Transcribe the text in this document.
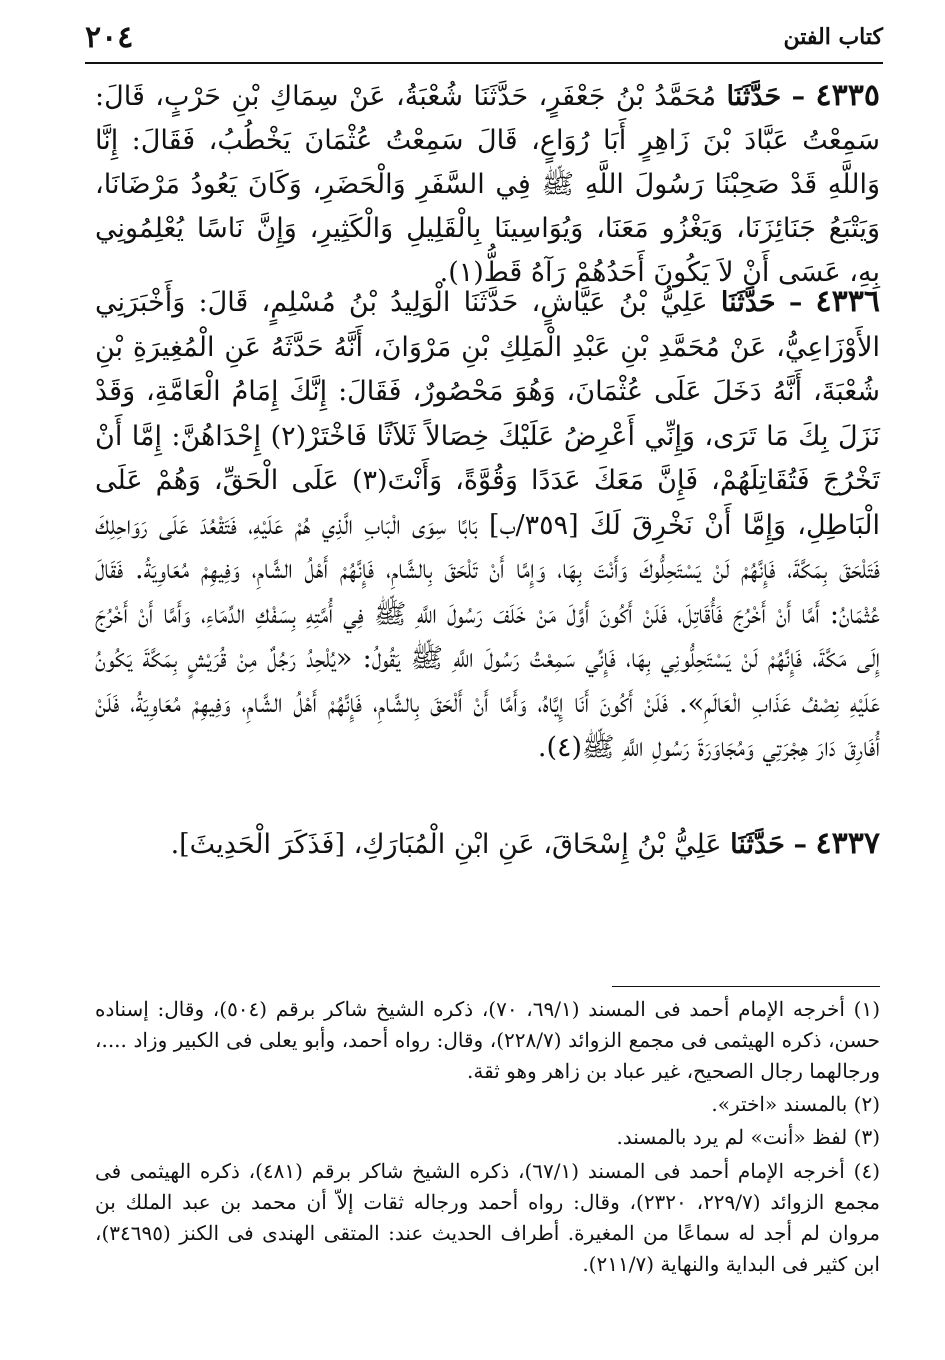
كتاب الفتن
٢٠٤

٤٣٣٥ – حَدَّثَنَا مُحَمَّدُ بْنُ جَعْفَرٍ، حَدَّثَنَا شُعْبَةُ، عَنْ سِمَاكِ بْنِ حَرْبٍ، قَالَ: سَمِعْتُ عَبَّادَ بْنَ زَاهِرٍ أَبَا رُوَاعٍ، قَالَ سَمِعْتُ عُثْمَانَ يَخْطُبُ، فَقَالَ: إِنَّا وَاللَّهِ قَدْ صَحِبْنَا رَسُولَ اللَّهِ ﷺ فِي السَّفَرِ وَالْحَضَرِ، وَكَانَ يَعُودُ مَرْضَانَا، وَيَتْبَعُ جَنَائِزَنَا، وَيَغْزُو مَعَنَا، وَيُوَاسِينَا بِالْقَلِيلِ وَالْكَثِيرِ، وَإِنَّ نَاسًا يُعْلِمُونِي بِهِ، عَسَى أَنْ لاَ يَكُونَ أَحَدُهُمْ رَآهُ قَطُّ(١).

٤٣٣٦ – حَدَّثَنَا عَلِيُّ بْنُ عَيَّاشٍ، حَدَّثَنَا الْوَلِيدُ بْنُ مُسْلِمٍ، قَالَ: وَأَخْبَرَنِي الأَوْزَاعِيُّ، عَنْ مُحَمَّدِ بْنِ عَبْدِ الْمَلِكِ بْنِ مَرْوَانَ، أَنَّهُ حَدَّثَهُ عَنِ الْمُغِيرَةِ بْنِ شُعْبَةَ، أَنَّهُ دَخَلَ عَلَى عُثْمَانَ، وَهُوَ مَحْصُورٌ، فَقَالَ: إِنَّكَ إِمَامُ الْعَامَّةِ، وَقَدْ نَزَلَ بِكَ مَا تَرَى، وَإِنِّي أَعْرِضُ عَلَيْكَ خِصَالاً ثَلاَثًا فَاخْتَرْ(٢) إِحْدَاهُنَّ: إِمَّا أَنْ تَخْرُجَ فَتُقَاتِلَهُمْ، فَإِنَّ مَعَكَ عَدَدًا وَقُوَّةً، وَأَنْتَ(٣) عَلَى الْحَقِّ، وَهُمْ عَلَى الْبَاطِلِ، وَإِمَّا أَنْ نَخْرِقَ لَكَ [٣٥٩/ب] بَابًا سِوَى الْبَابِ الَّذِي هُمْ عَلَيْهِ، فَتَقْعُدَ عَلَى رَوَاحِلِكَ فَتَلْحَقَ بِمَكَّةَ، فَإِنَّهُمْ لَنْ يَسْتَحِلُّوكَ وَأَنْتَ بِهَا، وَإِمَّا أَنْ تَلْحَقَ بِالشَّامِ، فَإِنَّهُمْ أَهْلُ الشَّامِ، وَفِيهِمْ مُعَاوِيَةُ. فَقَالَ عُثْمَانُ: أَمَّا أَنْ أَخْرُجَ فَأُقَاتِلَ، فَلَنْ أَكُونَ أَوَّلَ مَنْ خَلَفَ رَسُولَ اللَّهِ ﷺ فِي أُمَّتِهِ بِسَفْكِ الدِّمَاءِ، وَأَمَّا أَنْ أَخْرُجَ إِلَى مَكَّةَ، فَإِنَّهُمْ لَنْ يَسْتَحِلُّونِي بِهَا، فَإِنِّي سَمِعْتُ رَسُولَ اللَّهِ ﷺ يَقُولُ: «يُلْحِدُ رَجُلٌ مِنْ قُرَيْشٍ بِمَكَّةَ يَكُونُ عَلَيْهِ نِصْفُ عَذَابِ الْعَالَمِ». فَلَنْ أَكُونَ أَنَا إِيَّاهُ، وَأَمَّا أَنْ أَلْحَقَ بِالشَّامِ، فَإِنَّهُمْ أَهْلُ الشَّامِ، وَفِيهِمْ مُعَاوِيَةُ، فَلَنْ أُفَارِقَ دَارَ هِجْرَتِي وَمُجَاوَرَةَ رَسُولِ اللَّهِ ﷺ(٤).

٤٣٣٧ – حَدَّثَنَا عَلِيُّ بْنُ إِسْحَاقَ، عَنِ ابْنِ الْمُبَارَكِ، [فَذَكَرَ الْحَدِيثَ].

(١) أخرجه الإمام أحمد فى المسند (٦٩/١، ٧٠)، ذكره الشيخ شاكر برقم (٥٠٤)، وقال: إسناده حسن، ذكره الهيثمى فى مجمع الزوائد (٢٢٨/٧)، وقال: رواه أحمد، وأبو يعلى فى الكبير وزاد ....، ورجالهما رجال الصحيح، غير عباد بن زاهر وهو ثقة.
(٢) بالمسند «اختر».
(٣) لفظ «أنت» لم يرد بالمسند.
(٤) أخرجه الإمام أحمد فى المسند (٦٧/١)، ذكره الشيخ شاكر برقم (٤٨١)، ذكره الهيثمى فى مجمع الزوائد (٢٢٩/٧، ٢٣٢٠)، وقال: رواه أحمد ورجاله ثقات إلاّ أن محمد بن عبد الملك بن مروان لم أجد له سماعًا من المغيرة. أطراف الحديث عند: المتقى الهندى فى الكنز (٣٤٦٩٥)، ابن كثير فى البداية والنهاية (٢١١/٧).
